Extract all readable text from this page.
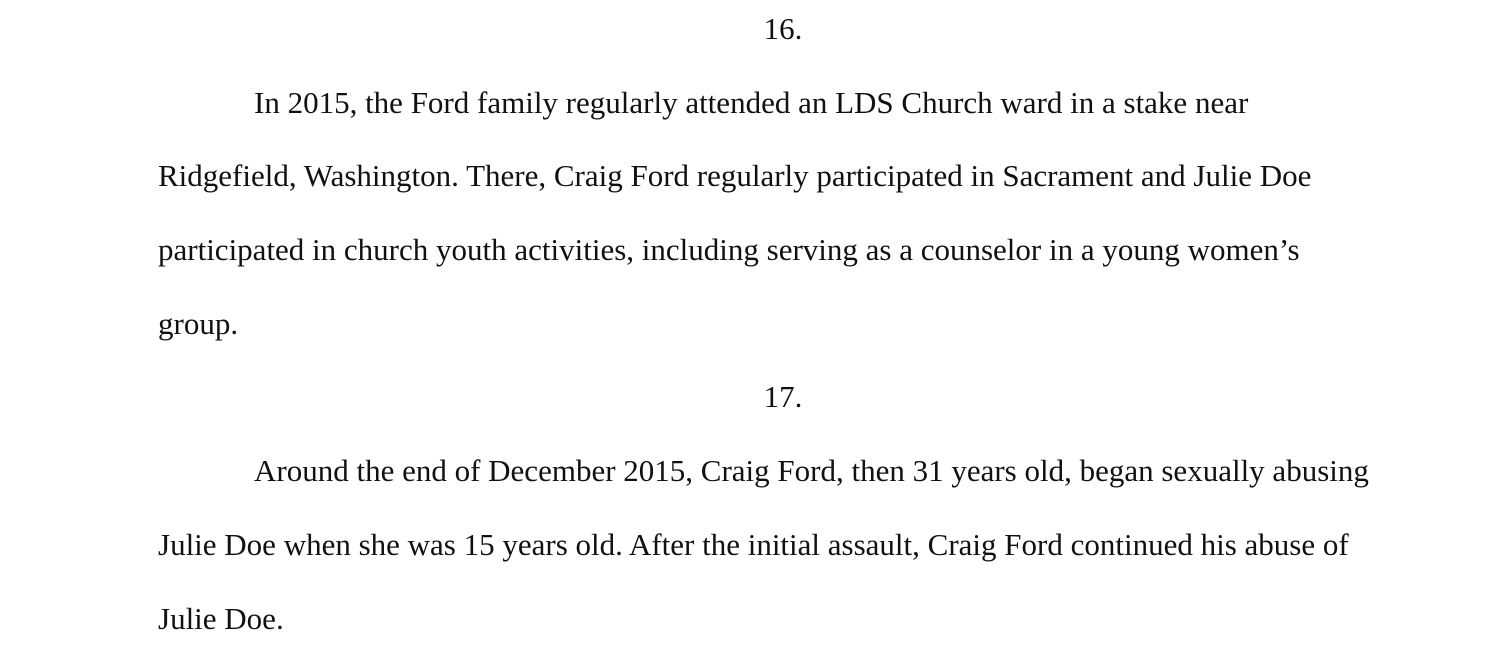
16.
In 2015, the Ford family regularly attended an LDS Church ward in a stake near
Ridgefield, Washington. There, Craig Ford regularly participated in Sacrament and Julie Doe
participated in church youth activities, including serving as a counselor in a young women’s
group.
17.
Around the end of December 2015, Craig Ford, then 31 years old, began sexually abusing
Julie Doe when she was 15 years old. After the initial assault, Craig Ford continued his abuse of
Julie Doe.
